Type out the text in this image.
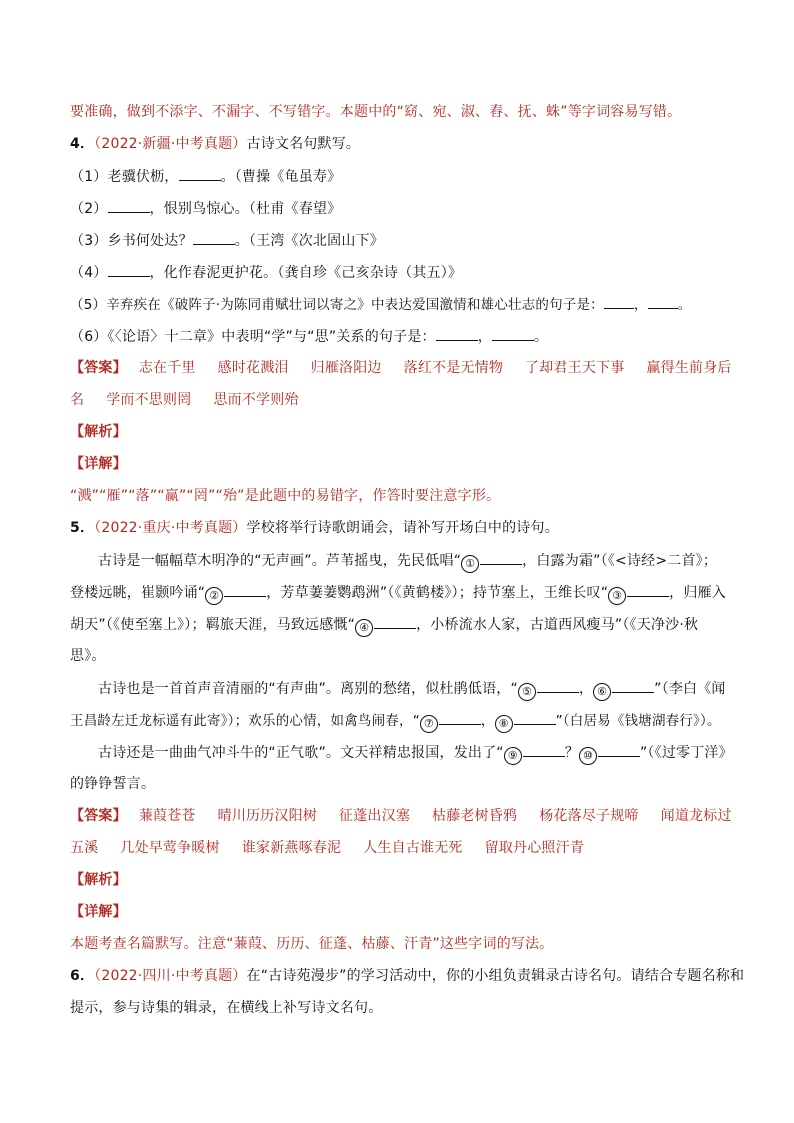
要准确，做到不添字、不漏字、不写错字。本题中的“窈、宛、淑、舂、抚、蛛”等字词容易写错。
4．（2022·新疆·中考真题）古诗文名句默写。
（1）老骥伏枥，	。（曹操《龟虽寿》
（2）	，恨别鸟惊心。（杜甫《春望》
（3）乡书何处达？	。（王湾《次北固山下》
（4）	，化作春泥更护花。（龚自珍《己亥杂诗（其五）》
（5）辛弃疾在《破阵子·为陈同甫赋壮词以寄之》中表达爱国激情和雄心壮志的句子是： ， 。
（6）《〈论语〉十二章》中表明“学”与“思”关系的句子是：	，	。
【答案】 志在千里 感时花溅泪 归雁洛阳边 落红不是无情物 了却君王天下事 赢得生前身后
名 学而不思则罔 思而不学则殆
【解析】
【详解】
“溅”“雁”“落”“赢”“罔”“殆”是此题中的易错字，作答时要注意字形。
5．（2022·重庆·中考真题）学校将举行诗歌朗诵会，请补写开场白中的诗句。
古诗是一幅幅草木明净的“无声画”。芦苇摇曳，先民低唱“ ①	，白露为霜”（《<诗经>二首》；
登楼远眺，崔颢吟诵“ ②	，芳草萋萋鹦鹉洲”（《黄鹤楼》）；持节塞上，王维长叹“ ③	，归雁入
胡天”（《使至塞上》）；羁旅天涯，马致远感慨“ ④	，小桥流水人家，古道西风瘦马”（《天净沙·秋
思》。
古诗也是一首首声音清丽的“有声曲”。离别的愁绪，似杜鹃低语，“ ⑤	， ⑥	”（李白《闻
王昌龄左迁龙标遥有此寄》）；欢乐的心情，如禽鸟闹春，“ ⑦	， ⑧	”（白居易《钱塘湖春行》）。
古诗还是一曲曲气冲斗牛的“正气歌”。文天祥精忠报国，发出了“ ⑨	？ ⑩	”（《过零丁洋》
的铮铮誓言。
【答案】 蒹葭苍苍 晴川历历汉阳树 征蓬出汉塞 枯藤老树昏鸦 杨花落尽子规啼 闻道龙标过
五溪 几处早莺争暖树 谁家新燕啄春泥 人生自古谁无死 留取丹心照汗青
【解析】
【详解】
本题考查名篇默写。注意“蒹葭、历历、征蓬、枯藤、汗青”这些字词的写法。
6．（2022·四川·中考真题）在“古诗苑漫步”的学习活动中，你的小组负责辑录古诗名句。请结合专题名称和
提示，参与诗集的辑录，在横线上补写诗文名句。
